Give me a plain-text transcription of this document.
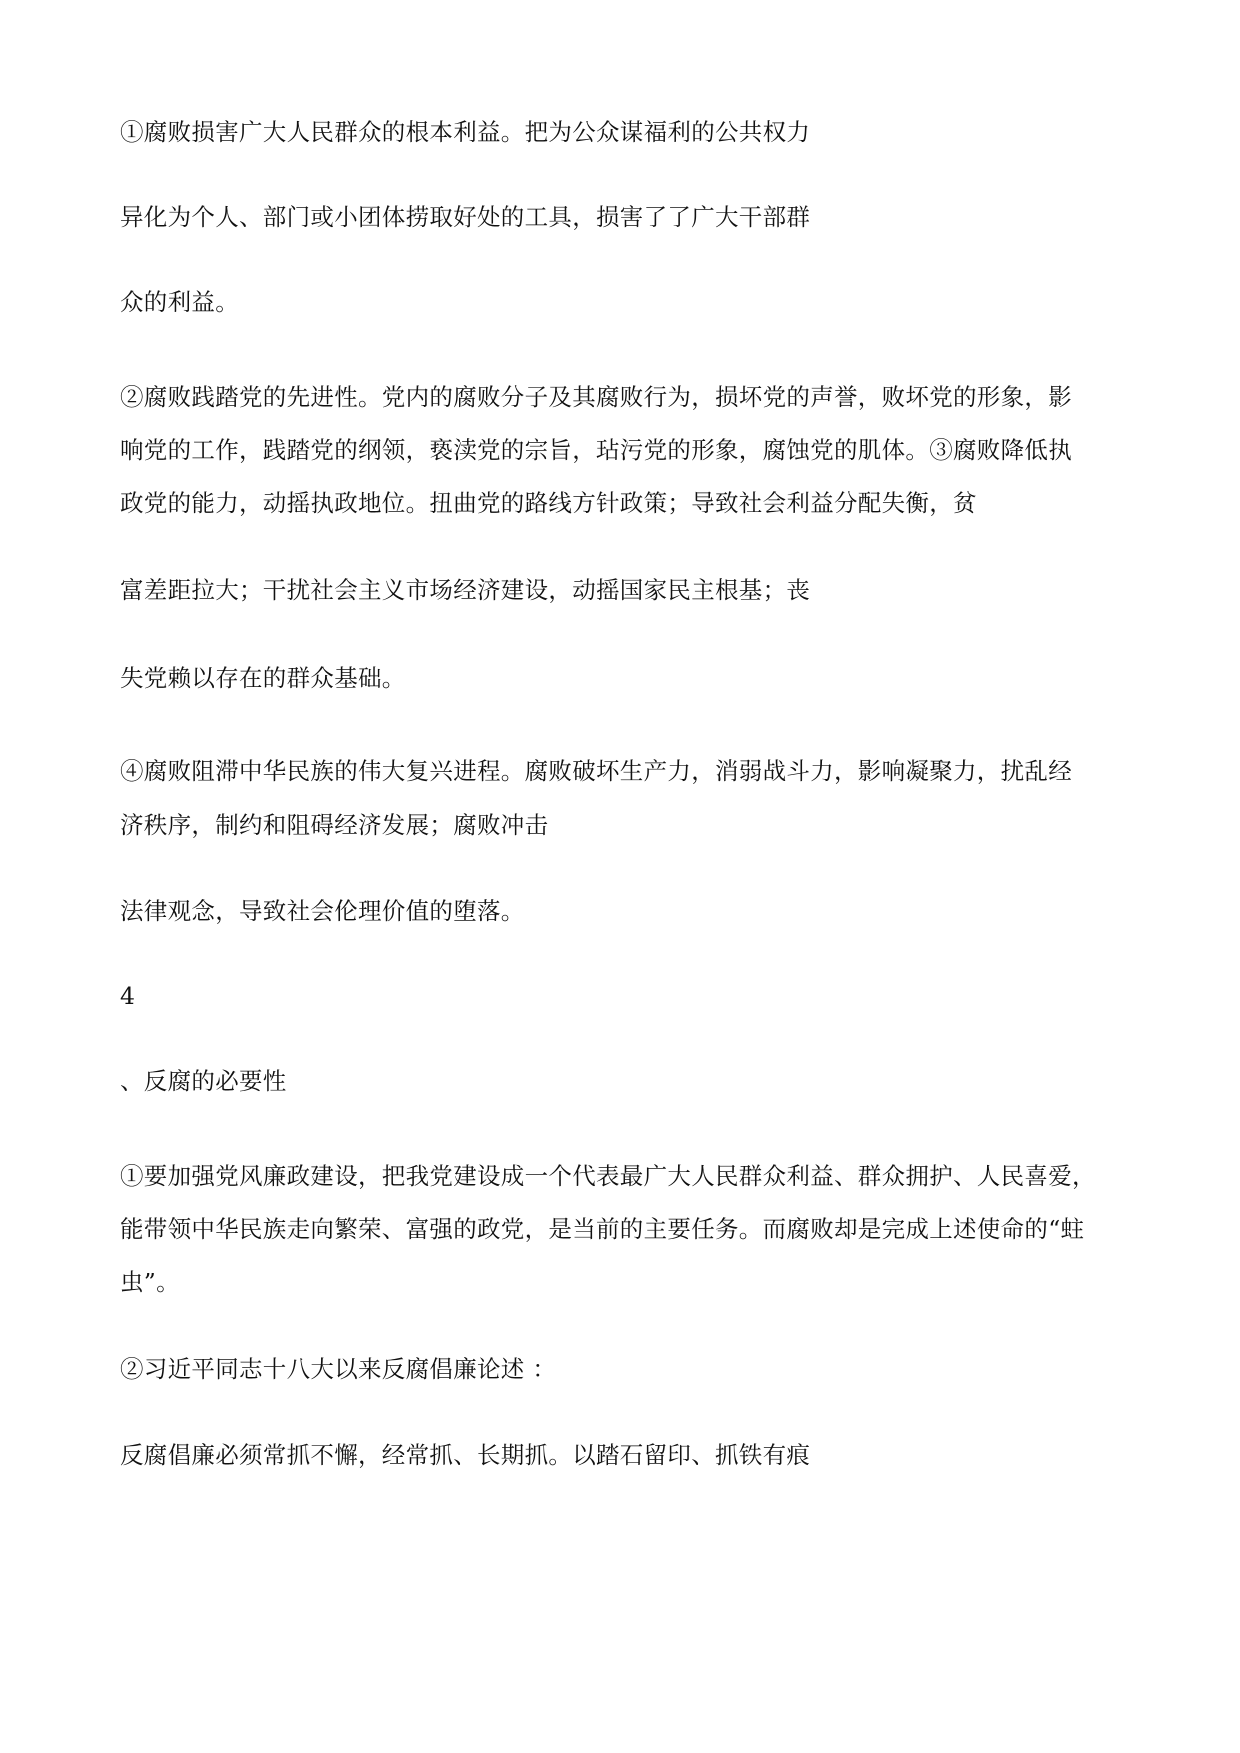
①腐败损害广大人民群众的根本利益。把为公众谋福利的公共权力

异化为个人、部门或小团体捞取好处的工具，损害了了广大干部群

众的利益。

②腐败践踏党的先进性。党内的腐败分子及其腐败行为，损坏党的声誉，败坏党的形象，影

响党的工作，践踏党的纲领，亵渎党的宗旨，玷污党的形象，腐蚀党的肌体。③腐败降低执

政党的能力，动摇执政地位。扭曲党的路线方针政策；导致社会利益分配失衡，贫

富差距拉大；干扰社会主义市场经济建设，动摇国家民主根基；丧

失党赖以存在的群众基础。

④腐败阻滞中华民族的伟大复兴进程。腐败破坏生产力，消弱战斗力，影响凝聚力，扰乱经

济秩序，制约和阻碍经济发展；腐败冲击

法律观念，导致社会伦理价值的堕落。

4

、反腐的必要性

①要加强党风廉政建设，把我党建设成一个代表最广大人民群众利益、群众拥护、人民喜爱，

能带领中华民族走向繁荣、富强的政党，是当前的主要任务。而腐败却是完成上述使命的“蛀

虫”。

②习近平同志十八大以来反腐倡廉论述 ：

反腐倡廉必须常抓不懈，经常抓、长期抓。以踏石留印、抓铁有痕
